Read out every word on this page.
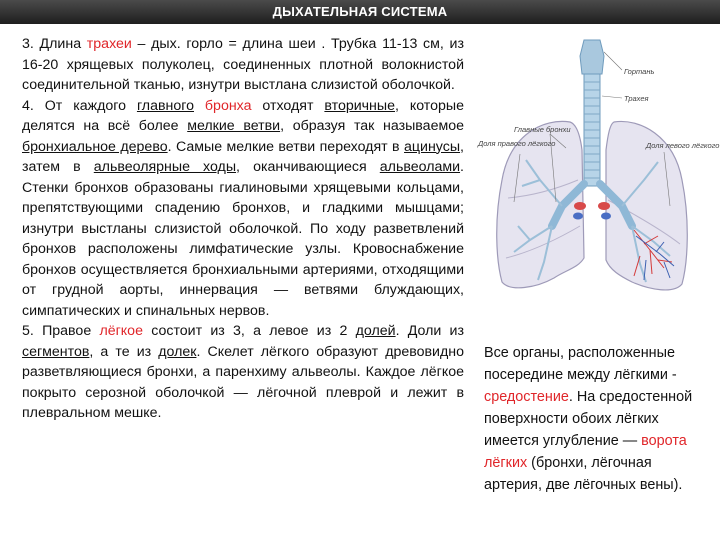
ДЫХАТЕЛЬНАЯ СИСТЕМА

3. Длина трахеи – дых. горло = длина шеи . Трубка 11-13 см, из 16-20 хрящевых полуколец, соединенных плотной волокнистой соединительной тканью, изнутри выстлана слизистой оболочкой.

4. От каждого главного бронха отходят вторичные, которые делятся на всё более мелкие ветви, образуя так называемое бронхиальное дерево. Самые мелкие ветви переходят в ацинусы, затем в альвеолярные ходы, оканчивающиеся альвеолами. Стенки бронхов образованы гиалиновыми хрящевыми кольцами, препятствующими спадению бронхов, и гладкими мышцами; изнутри выстланы слизистой оболочкой. По ходу разветвлений бронхов расположены лимфатические узлы. Кровоснабжение бронхов осуществляется бронхиальными артериями, отходящими от грудной аорты, иннервация — ветвями блуждающих, симпатических и спинальных нервов.

5. Правое лёгкое состоит из 3, а левое из 2 долей. Доли из сегментов, а те из долек. Скелет лёгкого образуют древовидно разветвляющиеся бронхи, а паренхиму альвеолы. Каждое лёгкое покрыто серозной оболочкой — лёгочной плеврой и лежит в плевральном мешке.

Гортань
Трахея
Главные бронхи
Доля правого лёгкого	Доля левого лёгкого
Все органы, расположенные посередине между лёгкими - средостение. На средостенной поверхности обоих лёгких имеется углубление — ворота лёгких (бронхи, лёгочная артерия, две лёгочных вены).
